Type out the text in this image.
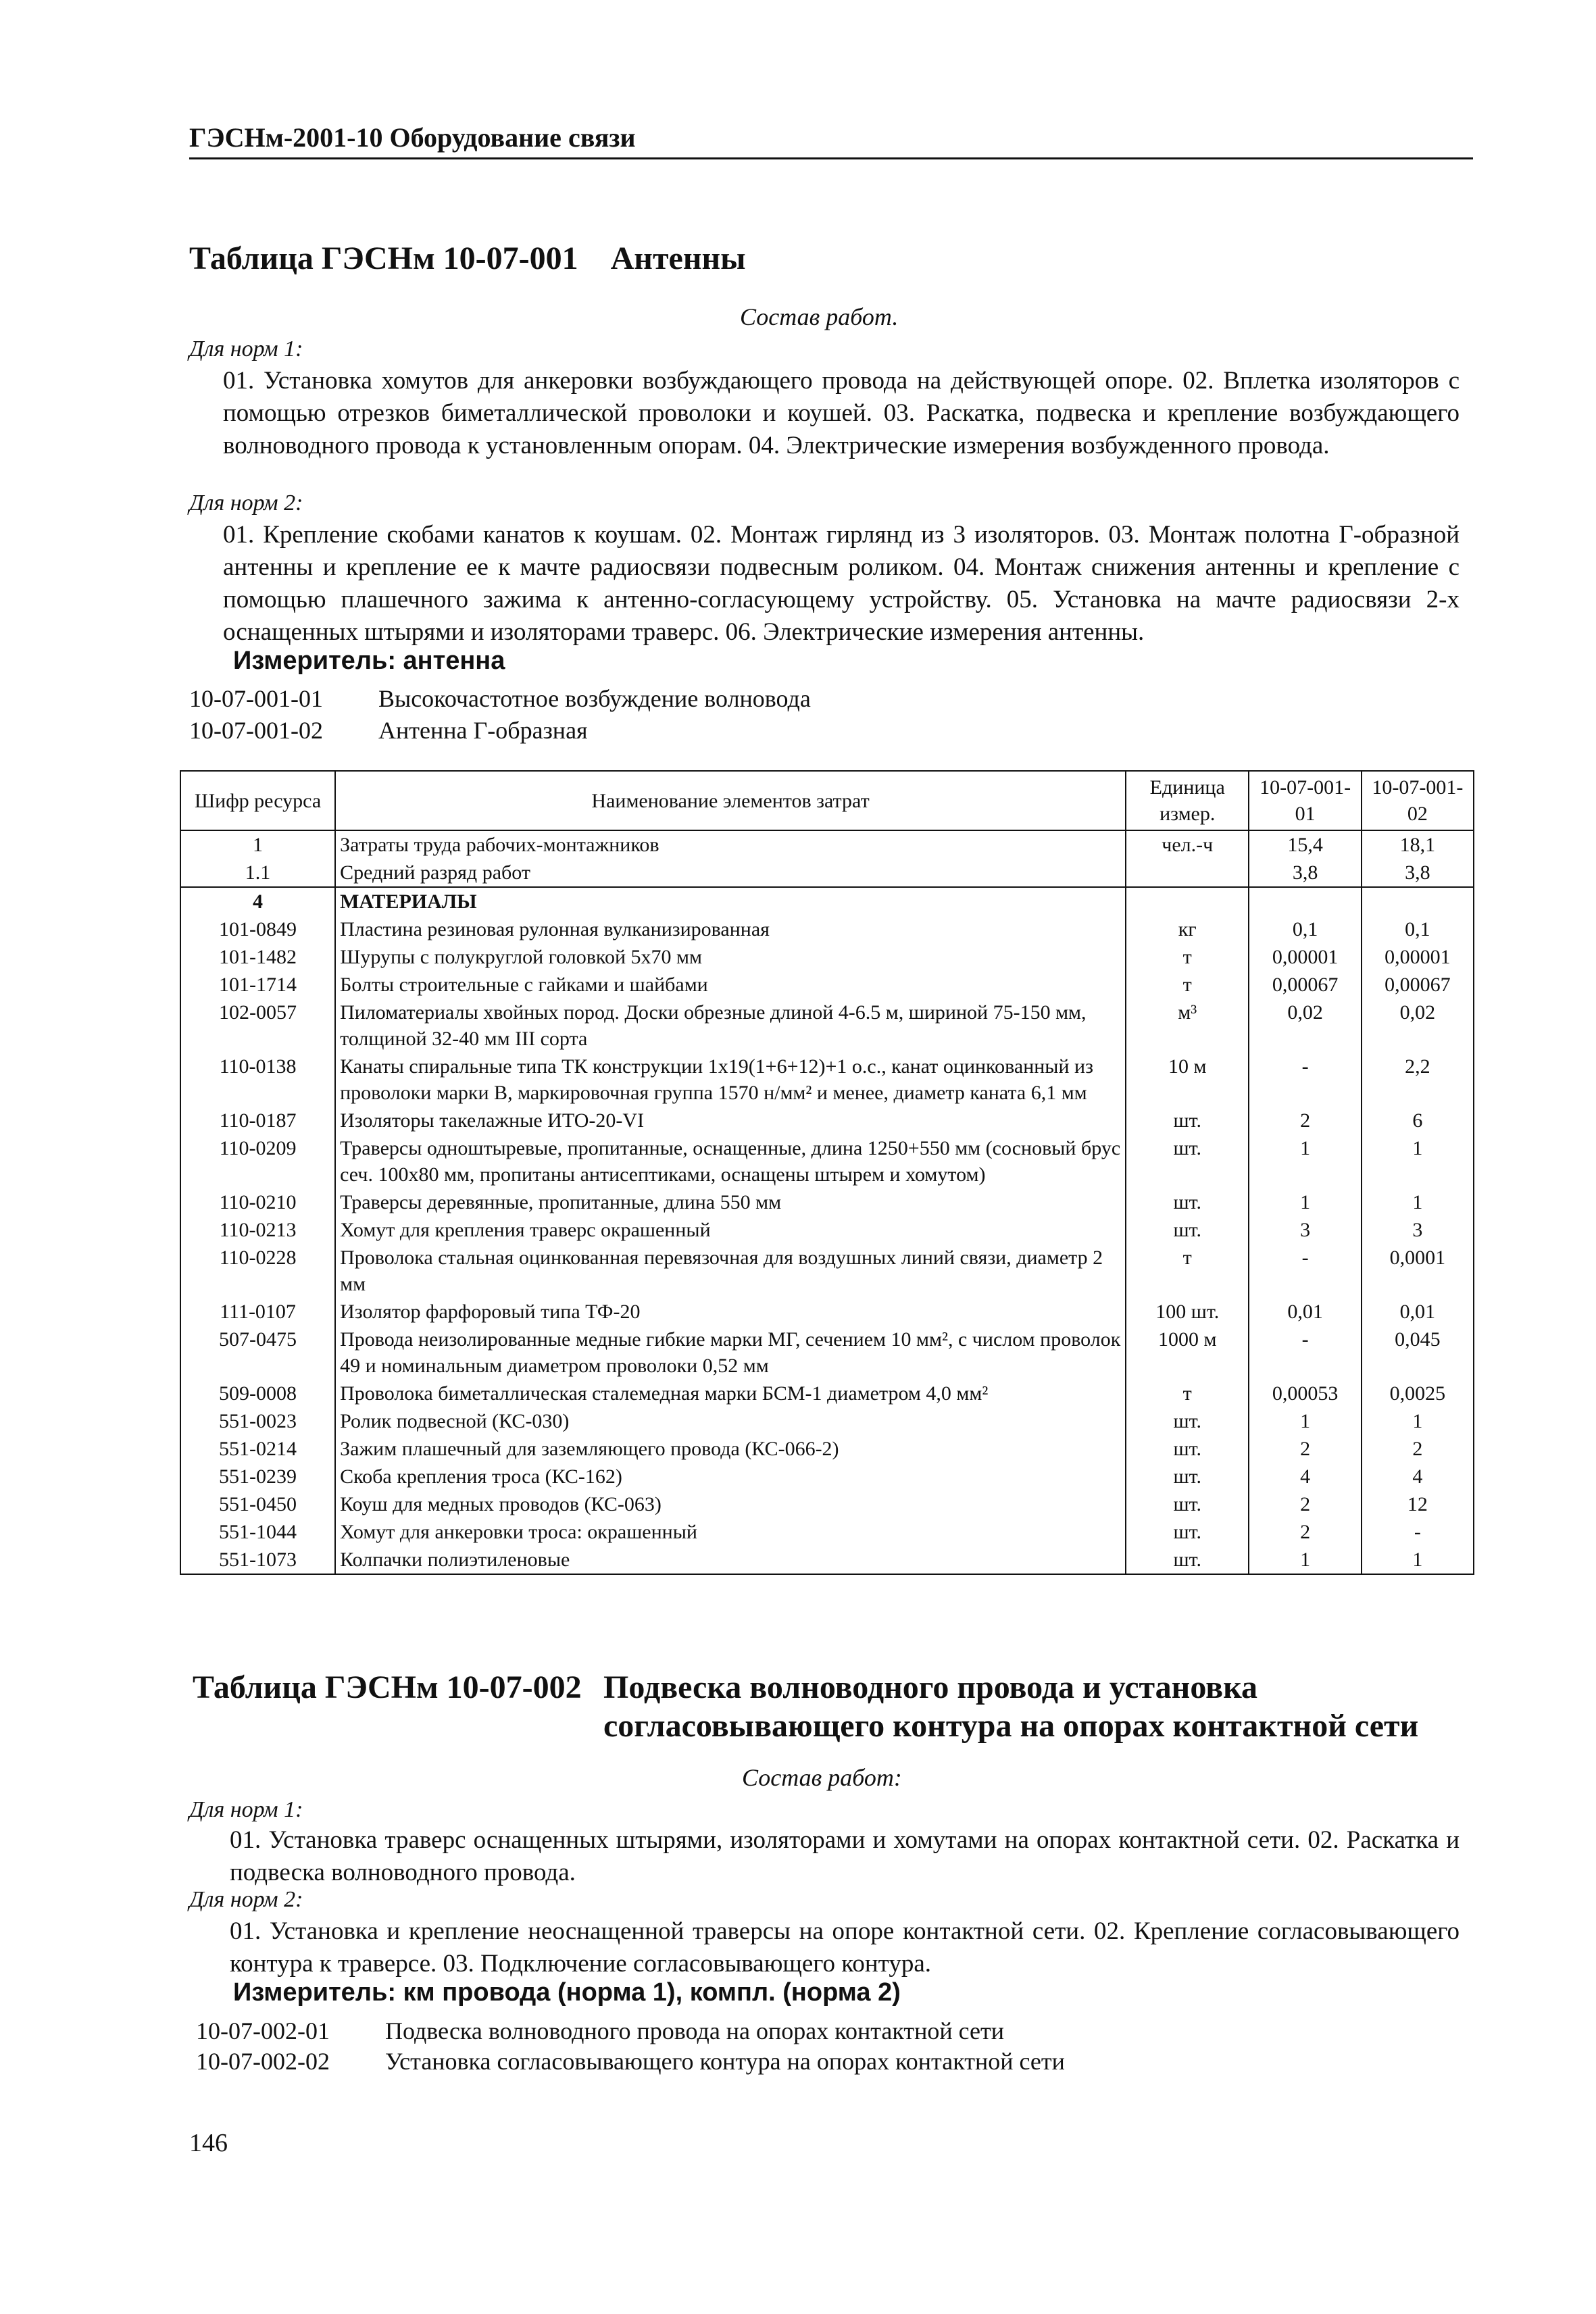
ГЭСНм-2001-10 Оборудование связи
Таблица ГЭСНм 10-07-001 Антенны
Состав работ.
Для норм 1:
01. Установка хомутов для анкеровки возбуждающего провода на действующей опоре. 02. Вплетка изоляторов с помощью отрезков биметаллической проволоки и коушей. 03. Раскатка, подвеска и крепление возбуждающего волноводного провода к установленным опорам. 04. Электрические измерения возбужденного провода.
Для норм 2:
01. Крепление скобами канатов к коушам. 02. Монтаж гирлянд из 3 изоляторов. 03. Монтаж полотна Г-образной антенны и крепление ее к мачте радиосвязи подвесным роликом. 04. Монтаж снижения антенны и крепление с помощью плашечного зажима к антенно-согласующему устройству. 05. Установка на мачте радиосвязи 2-х оснащенных штырями и изоляторами траверс. 06. Электрические измерения антенны.
Измеритель: антенна
10-07-001-01 Высокочастотное возбуждение волновода
10-07-001-02 Антенна Г-образная
Шифр ресурса	Наименование элементов затрат	Единица измер.	10-07-001-01	10-07-001-02
1	Затраты труда рабочих-монтажников	чел.-ч	15,4	18,1
1.1	Средний разряд работ		3,8	3,8
4	МАТЕРИАЛЫ			
101-0849	Пластина резиновая рулонная вулканизированная	кг	0,1	0,1
101-1482	Шурупы с полукруглой головкой 5х70 мм	т	0,00001	0,00001
101-1714	Болты строительные с гайками и шайбами	т	0,00067	0,00067
102-0057	Пиломатериалы хвойных пород. Доски обрезные длиной 4-6.5 м, шириной 75-150 мм, толщиной 32-40 мм III сорта	м³	0,02	0,02
110-0138	Канаты спиральные типа ТК конструкции 1х19(1+6+12)+1 о.с., канат оцинкованный из проволоки марки В, маркировочная группа 1570 н/мм² и менее, диаметр каната 6,1 мм	10 м	-	2,2
110-0187	Изоляторы такелажные ИТО-20-VI	шт.	2	6
110-0209	Траверсы одноштыревые, пропитанные, оснащенные, длина 1250+550 мм (сосновый брус сеч. 100х80 мм, пропитаны антисептиками, оснащены штырем и хомутом)	шт.	1	1
110-0210	Траверсы деревянные, пропитанные, длина 550 мм	шт.	1	1
110-0213	Хомут для крепления траверс окрашенный	шт.	3	3
110-0228	Проволока стальная оцинкованная перевязочная для воздушных линий связи, диаметр 2 мм	т	-	0,0001
111-0107	Изолятор фарфоровый типа ТФ-20	100 шт.	0,01	0,01
507-0475	Провода неизолированные медные гибкие марки МГ, сечением 10 мм², с числом проволок 49 и номинальным диаметром проволоки 0,52 мм	1000 м	-	0,045
509-0008	Проволока биметаллическая сталемедная марки БСМ-1 диаметром 4,0 мм²	т	0,00053	0,0025
551-0023	Ролик подвесной (КС-030)	шт.	1	1
551-0214	Зажим плашечный для заземляющего провода (КС-066-2)	шт.	2	2
551-0239	Скоба крепления троса (КС-162)	шт.	4	4
551-0450	Коуш для медных проводов (КС-063)	шт.	2	12
551-1044	Хомут для анкеровки троса: окрашенный	шт.	2	-
551-1073	Колпачки полиэтиленовые	шт.	1	1
Таблица ГЭСНм 10-07-002 Подвеска волноводного провода и установка
согласовывающего контура на опорах контактной сети
Состав работ:
Для норм 1:
01. Установка траверс оснащенных штырями, изоляторами и хомутами на опорах контактной сети. 02. Раскатка и подвеска волноводного провода.
Для норм 2:
01. Установка и крепление неоснащенной траверсы на опоре контактной сети. 02. Крепление согласовывающего контура к траверсе. 03. Подключение согласовывающего контура.
Измеритель: км провода (норма 1), компл. (норма 2)
10-07-002-01 Подвеска волноводного провода на опорах контактной сети
10-07-002-02 Установка согласовывающего контура на опорах контактной сети
146
